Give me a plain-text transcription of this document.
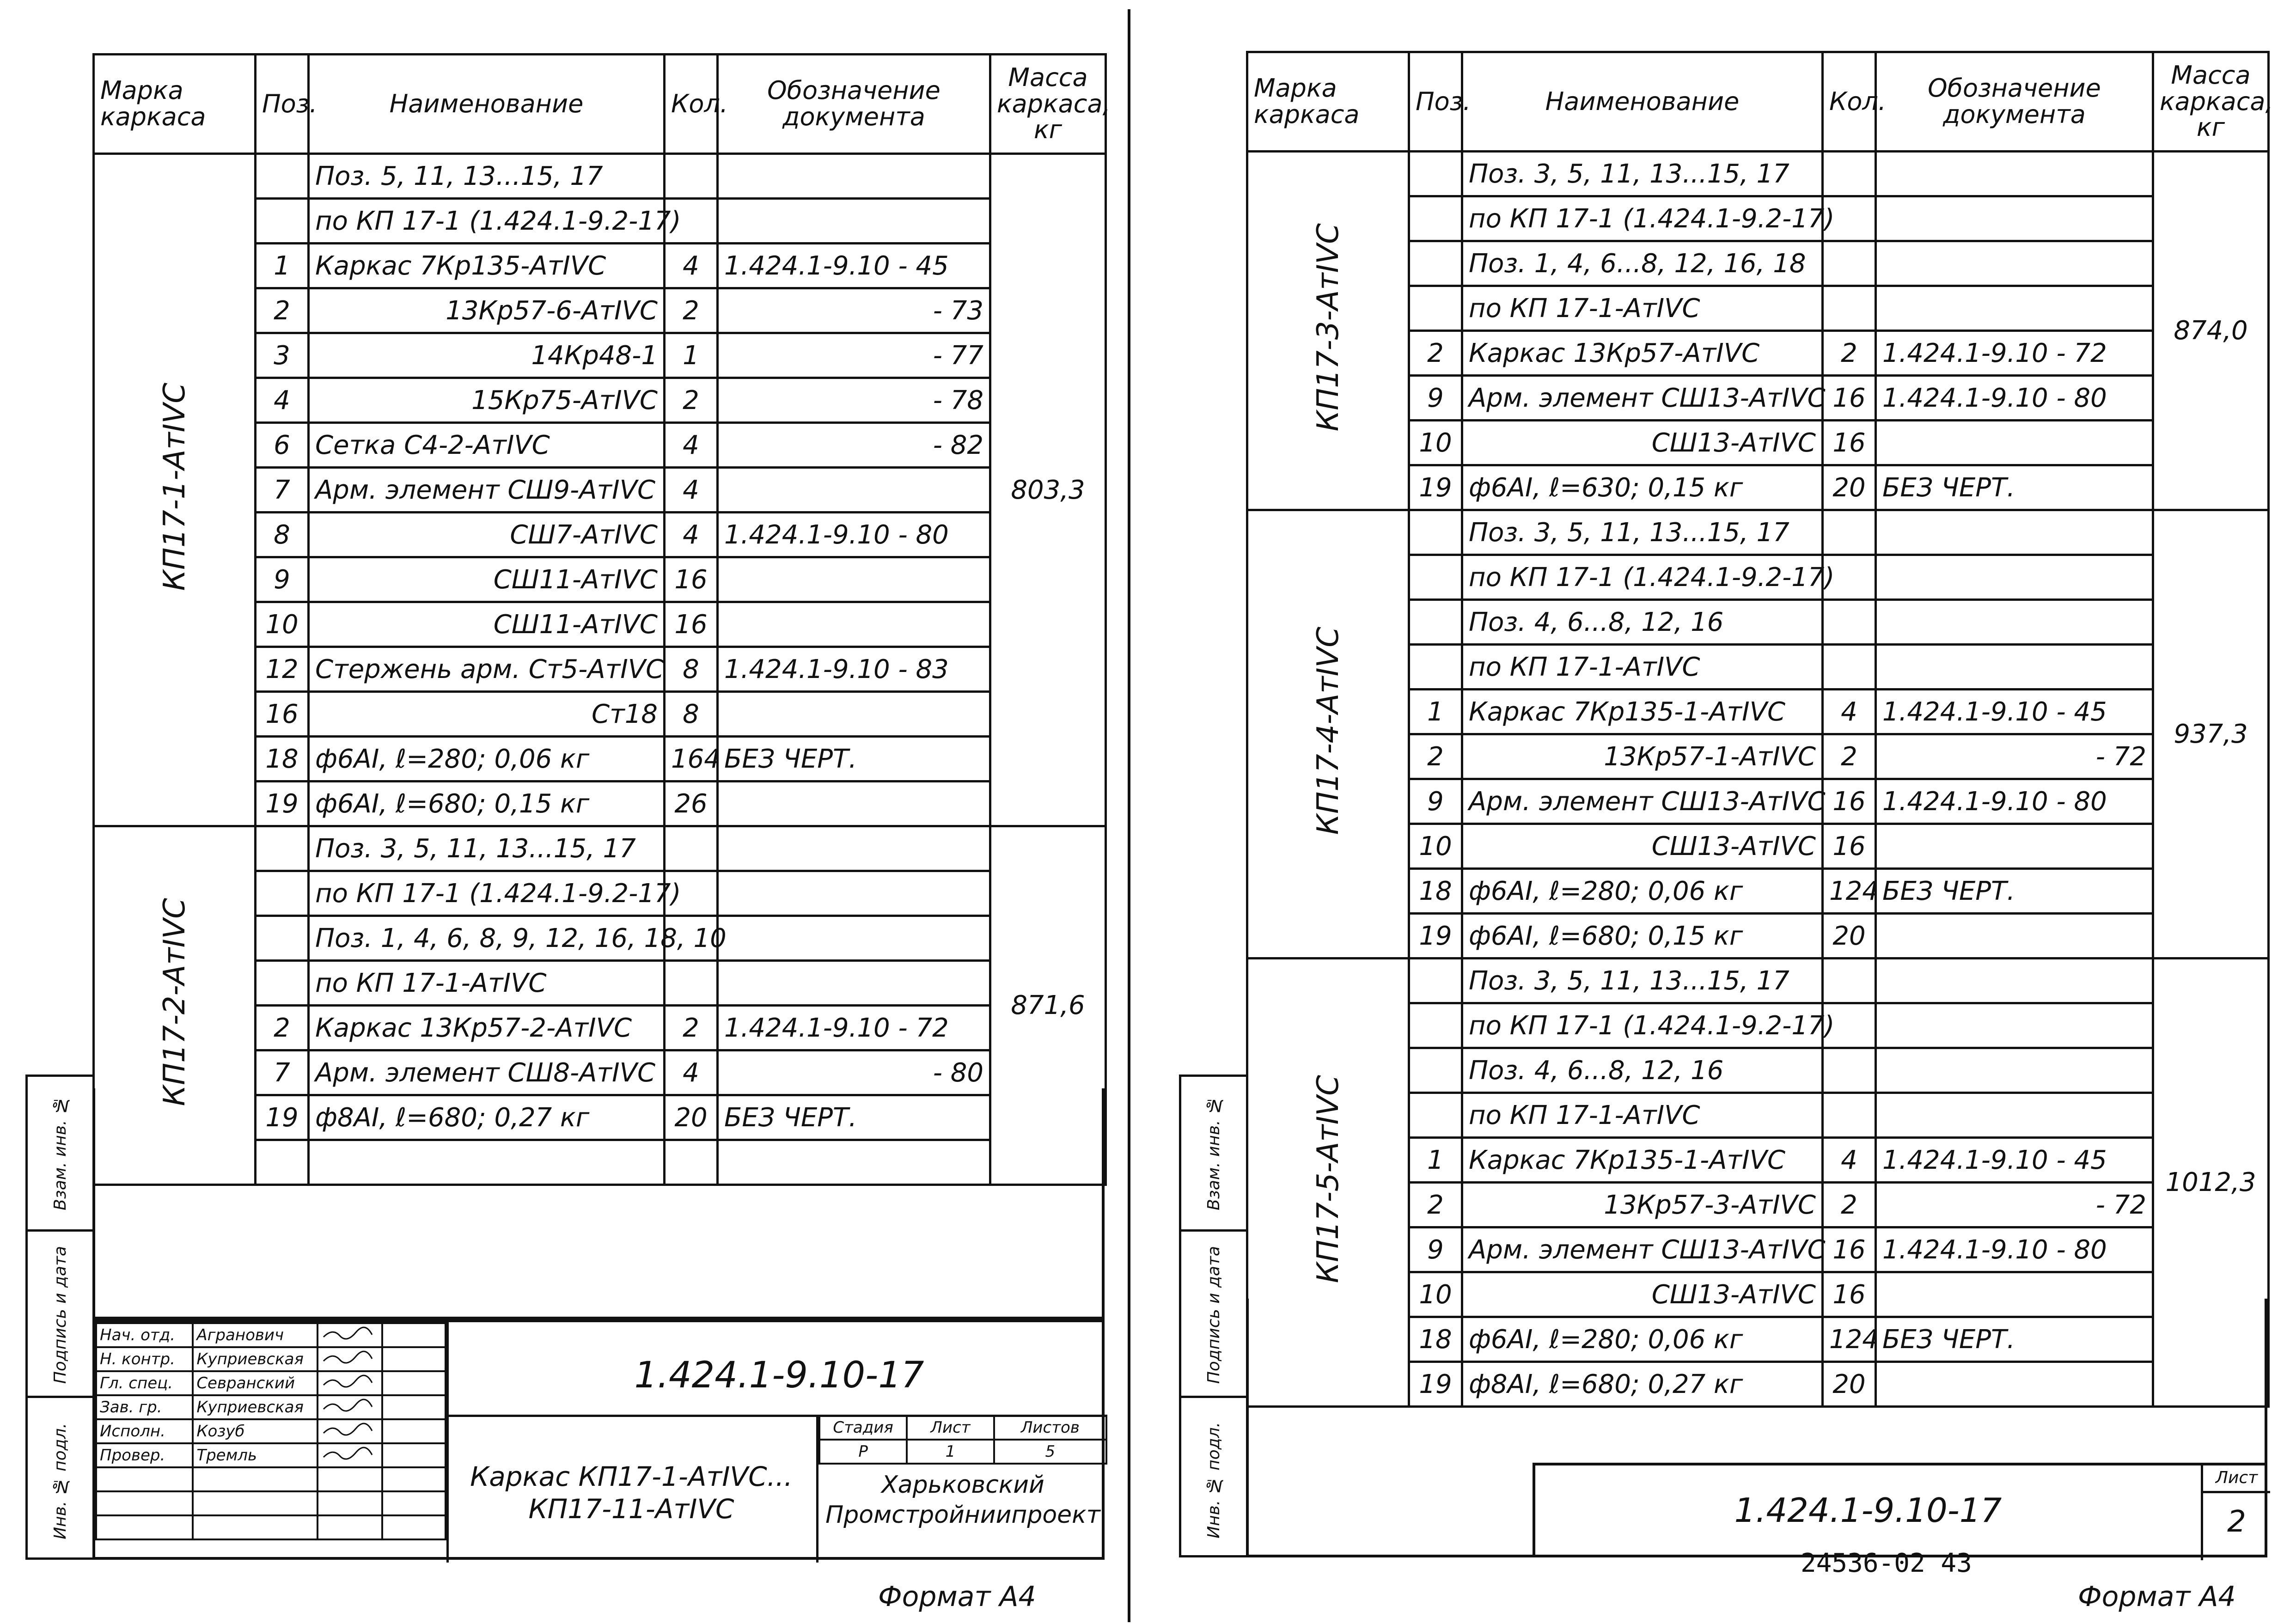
Марка каркаса	Поз.	Наименование	Кол.	Обозначение документа	Масса каркаса, кг
КП17-1-АтIVС		Поз. 5, 11, 13...15, 17			803,3
		по КП 17-1 (1.424.1-9.2-17)			
	1	Каркас 7Кр135-АтIVС	4	1.424.1-9.10 - 45	
	2	13Кр57-6-АтIVС	2	- 73	
	3	14Кр48-1	1	- 77	
	4	15Кр75-АтIVС	2	- 78	
	6	Сетка С4-2-АтIVС	4	- 82	
	7	Арм. элемент СШ9-АтIVС	4		
	8	СШ7-АтIVС	4	1.424.1-9.10 - 80	
	9	СШ11-АтIVС	16		
	10	СШ11-АтIVС	16		
	12	Стержень арм. Ст5-АтIVС	8	1.424.1-9.10 - 83	
	16	Ст18	8		
	18	ф6АI, ℓ=280; 0,06 кг	164	БЕЗ ЧЕРТ.	
	19	ф6АI, ℓ=680; 0,15 кг	26		
КП17-2-АтIVС		Поз. 3, 5, 11, 13...15, 17			871,6
		по КП 17-1 (1.424.1-9.2-17)			
		Поз. 1, 4, 6, 8, 9, 12, 16, 18, 10			
		по КП 17-1-АтIVС			
	2	Каркас 13Кр57-2-АтIVС	2	1.424.1-9.10 - 72	
	7	Арм. элемент СШ8-АтIVС	4	- 80	
	19	ф8АI, ℓ=680; 0,27 кг	20	БЕЗ ЧЕРТ.	

Взам. инв. №
Подпись и дата
Инв. № подл.
Нач. отд.	Агранович		
Н. контр.	Куприевская		
Гл. спец.	Севранский		
Зав. гр.	Куприевская		
Исполн.	Козуб		
Провер.	Тремль		

1.424.1-9.10-17
Каркас КП17-1-АтIVС... КП17-11-АтIVС
Стадия	Лист	Листов
Р	1	5
Харьковский Промстройниипроект
Формат А4
Марка каркаса	Поз.	Наименование	Кол.	Обозначение документа	Масса каркаса, кг
КП17-3-АтIVС		Поз. 3, 5, 11, 13...15, 17			874,0
		по КП 17-1 (1.424.1-9.2-17)			
		Поз. 1, 4, 6...8, 12, 16, 18			
		по КП 17-1-АтIVС			
	2	Каркас 13Кр57-АтIVС	2	1.424.1-9.10 - 72	
	9	Арм. элемент СШ13-АтIVС	16	1.424.1-9.10 - 80	
	10	СШ13-АтIVС	16		
	19	ф6АI, ℓ=630; 0,15 кг	20	БЕЗ ЧЕРТ.	
КП17-4-АтIVС		Поз. 3, 5, 11, 13...15, 17			937,3
		по КП 17-1 (1.424.1-9.2-17)			
		Поз. 4, 6...8, 12, 16			
		по КП 17-1-АтIVС			
	1	Каркас 7Кр135-1-АтIVС	4	1.424.1-9.10 - 45	
	2	13Кр57-1-АтIVС	2	- 72	
	9	Арм. элемент СШ13-АтIVС	16	1.424.1-9.10 - 80	
	10	СШ13-АтIVС	16		
	18	ф6АI, ℓ=280; 0,06 кг	124	БЕЗ ЧЕРТ.	
	19	ф6АI, ℓ=680; 0,15 кг	20		
КП17-5-АтIVС		Поз. 3, 5, 11, 13...15, 17			1012,3
		по КП 17-1 (1.424.1-9.2-17)			
		Поз. 4, 6...8, 12, 16			
		по КП 17-1-АтIVС			
	1	Каркас 7Кр135-1-АтIVС	4	1.424.1-9.10 - 45	
	2	13Кр57-3-АтIVС	2	- 72	
	9	Арм. элемент СШ13-АтIVС	16	1.424.1-9.10 - 80	
	10	СШ13-АтIVС	16		
	18	ф6АI, ℓ=280; 0,06 кг	124	БЕЗ ЧЕРТ.	
	19	ф8АI, ℓ=680; 0,27 кг	20		
Взам. инв. №
Подпись и дата
Инв. № подл.	1.424.1-9.10-17
Лист
2
24536-02 43
Формат А4
